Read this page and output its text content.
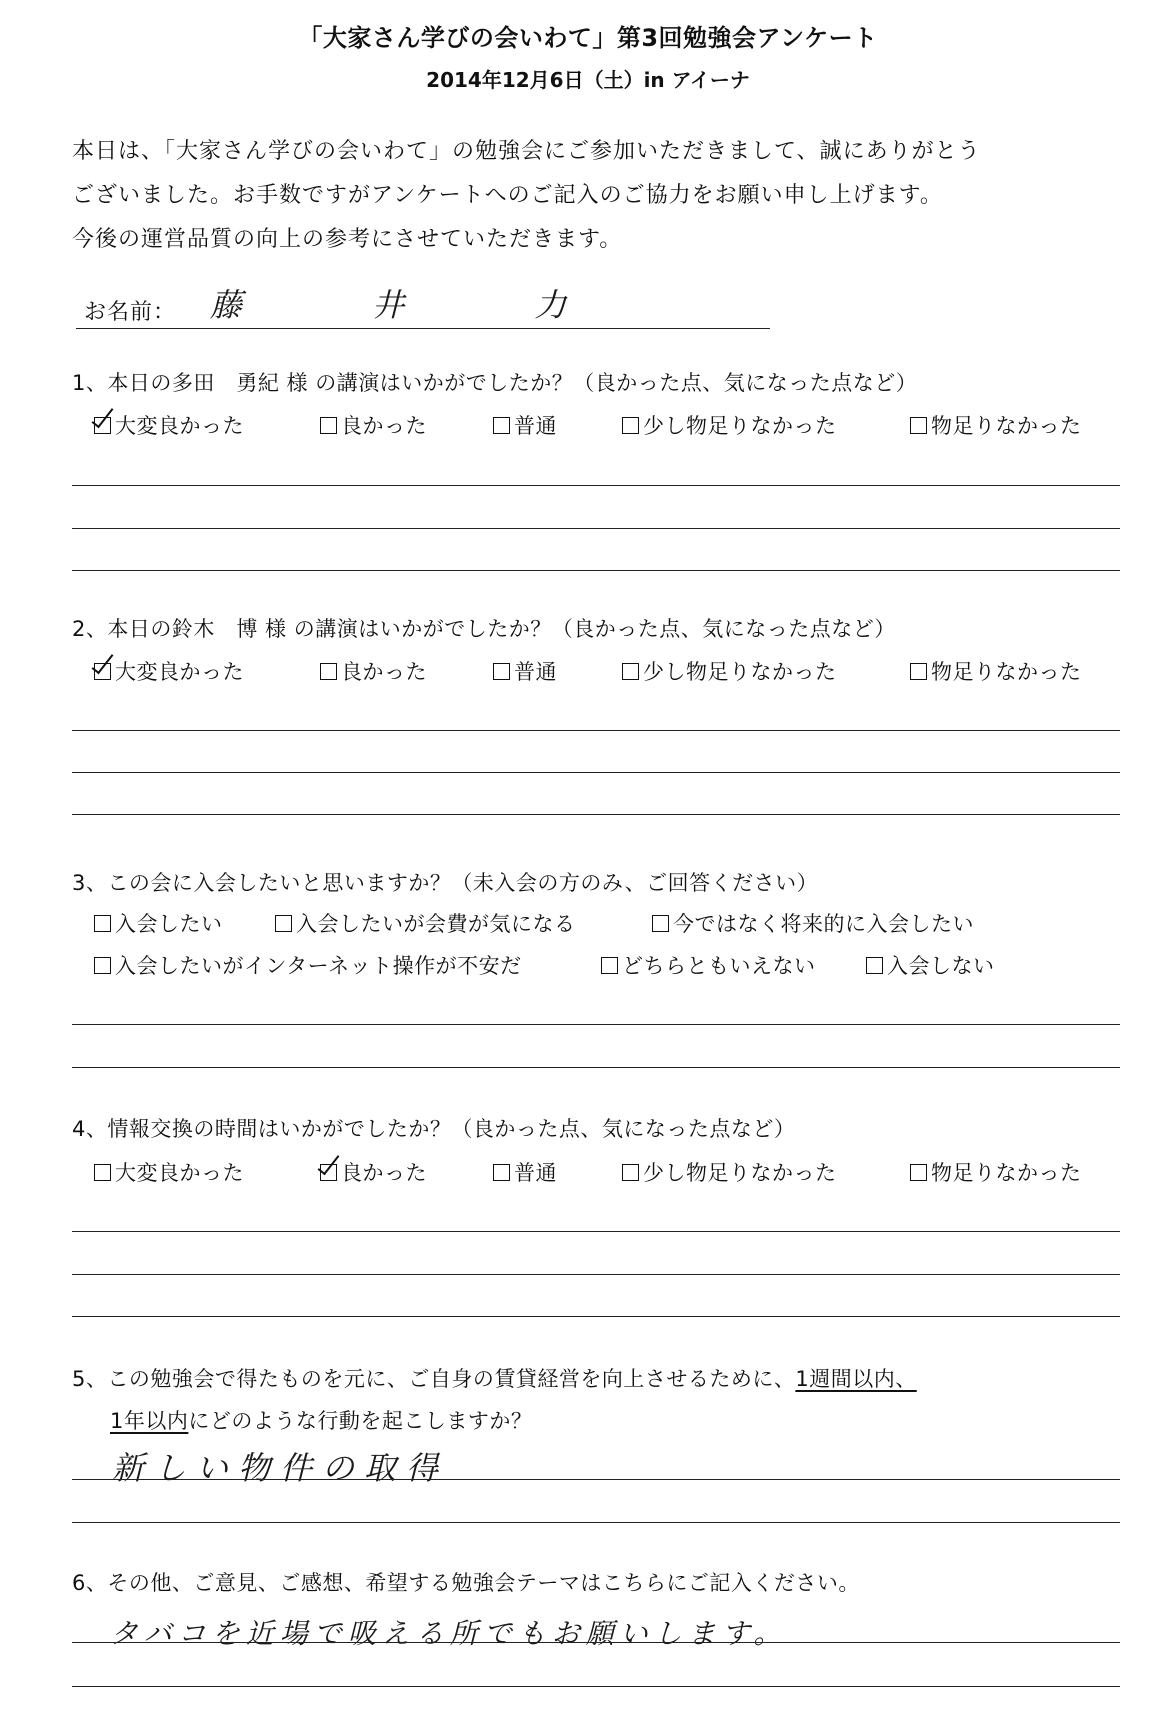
「大家さん学びの会いわて」第3回勉強会アンケート
2014年12月6日（土）in アイーナ
本日は、「大家さん学びの会いわて」の勉強会にご参加いただきまして、誠にありがとう
ございました。お手数ですがアンケートへのご記入のご協力をお願い申し上げます。
今後の運営品質の向上の参考にさせていただきます。
お名前： 藤 井 力
1、本日の多田　勇紀 様 の講演はいかがでしたか？（良かった点、気になった点など）
大変良かった	良かった	普通	少し物足りなかった	物足りなかった
2、本日の鈴木　博 様 の講演はいかがでしたか？（良かった点、気になった点など）
大変良かった	良かった	普通	少し物足りなかった	物足りなかった
3、この会に入会したいと思いますか？（未入会の方のみ、ご回答ください）
入会したい	入会したいが会費が気になる	今ではなく将来的に入会したい
入会したいがインターネット操作が不安だ	どちらともいえない	入会しない
4、情報交換の時間はいかがでしたか？（良かった点、気になった点など）
大変良かった	良かった	普通	少し物足りなかった	物足りなかった
5、この勉強会で得たものを元に、ご自身の賃貸経営を向上させるために、1週間以内、
1年以内にどのような行動を起こしますか？
新しい物件の取得
6、その他、ご意見、ご感想、希望する勉強会テーマはこちらにご記入ください。
タバコを近場で吸える所でもお願いします。
